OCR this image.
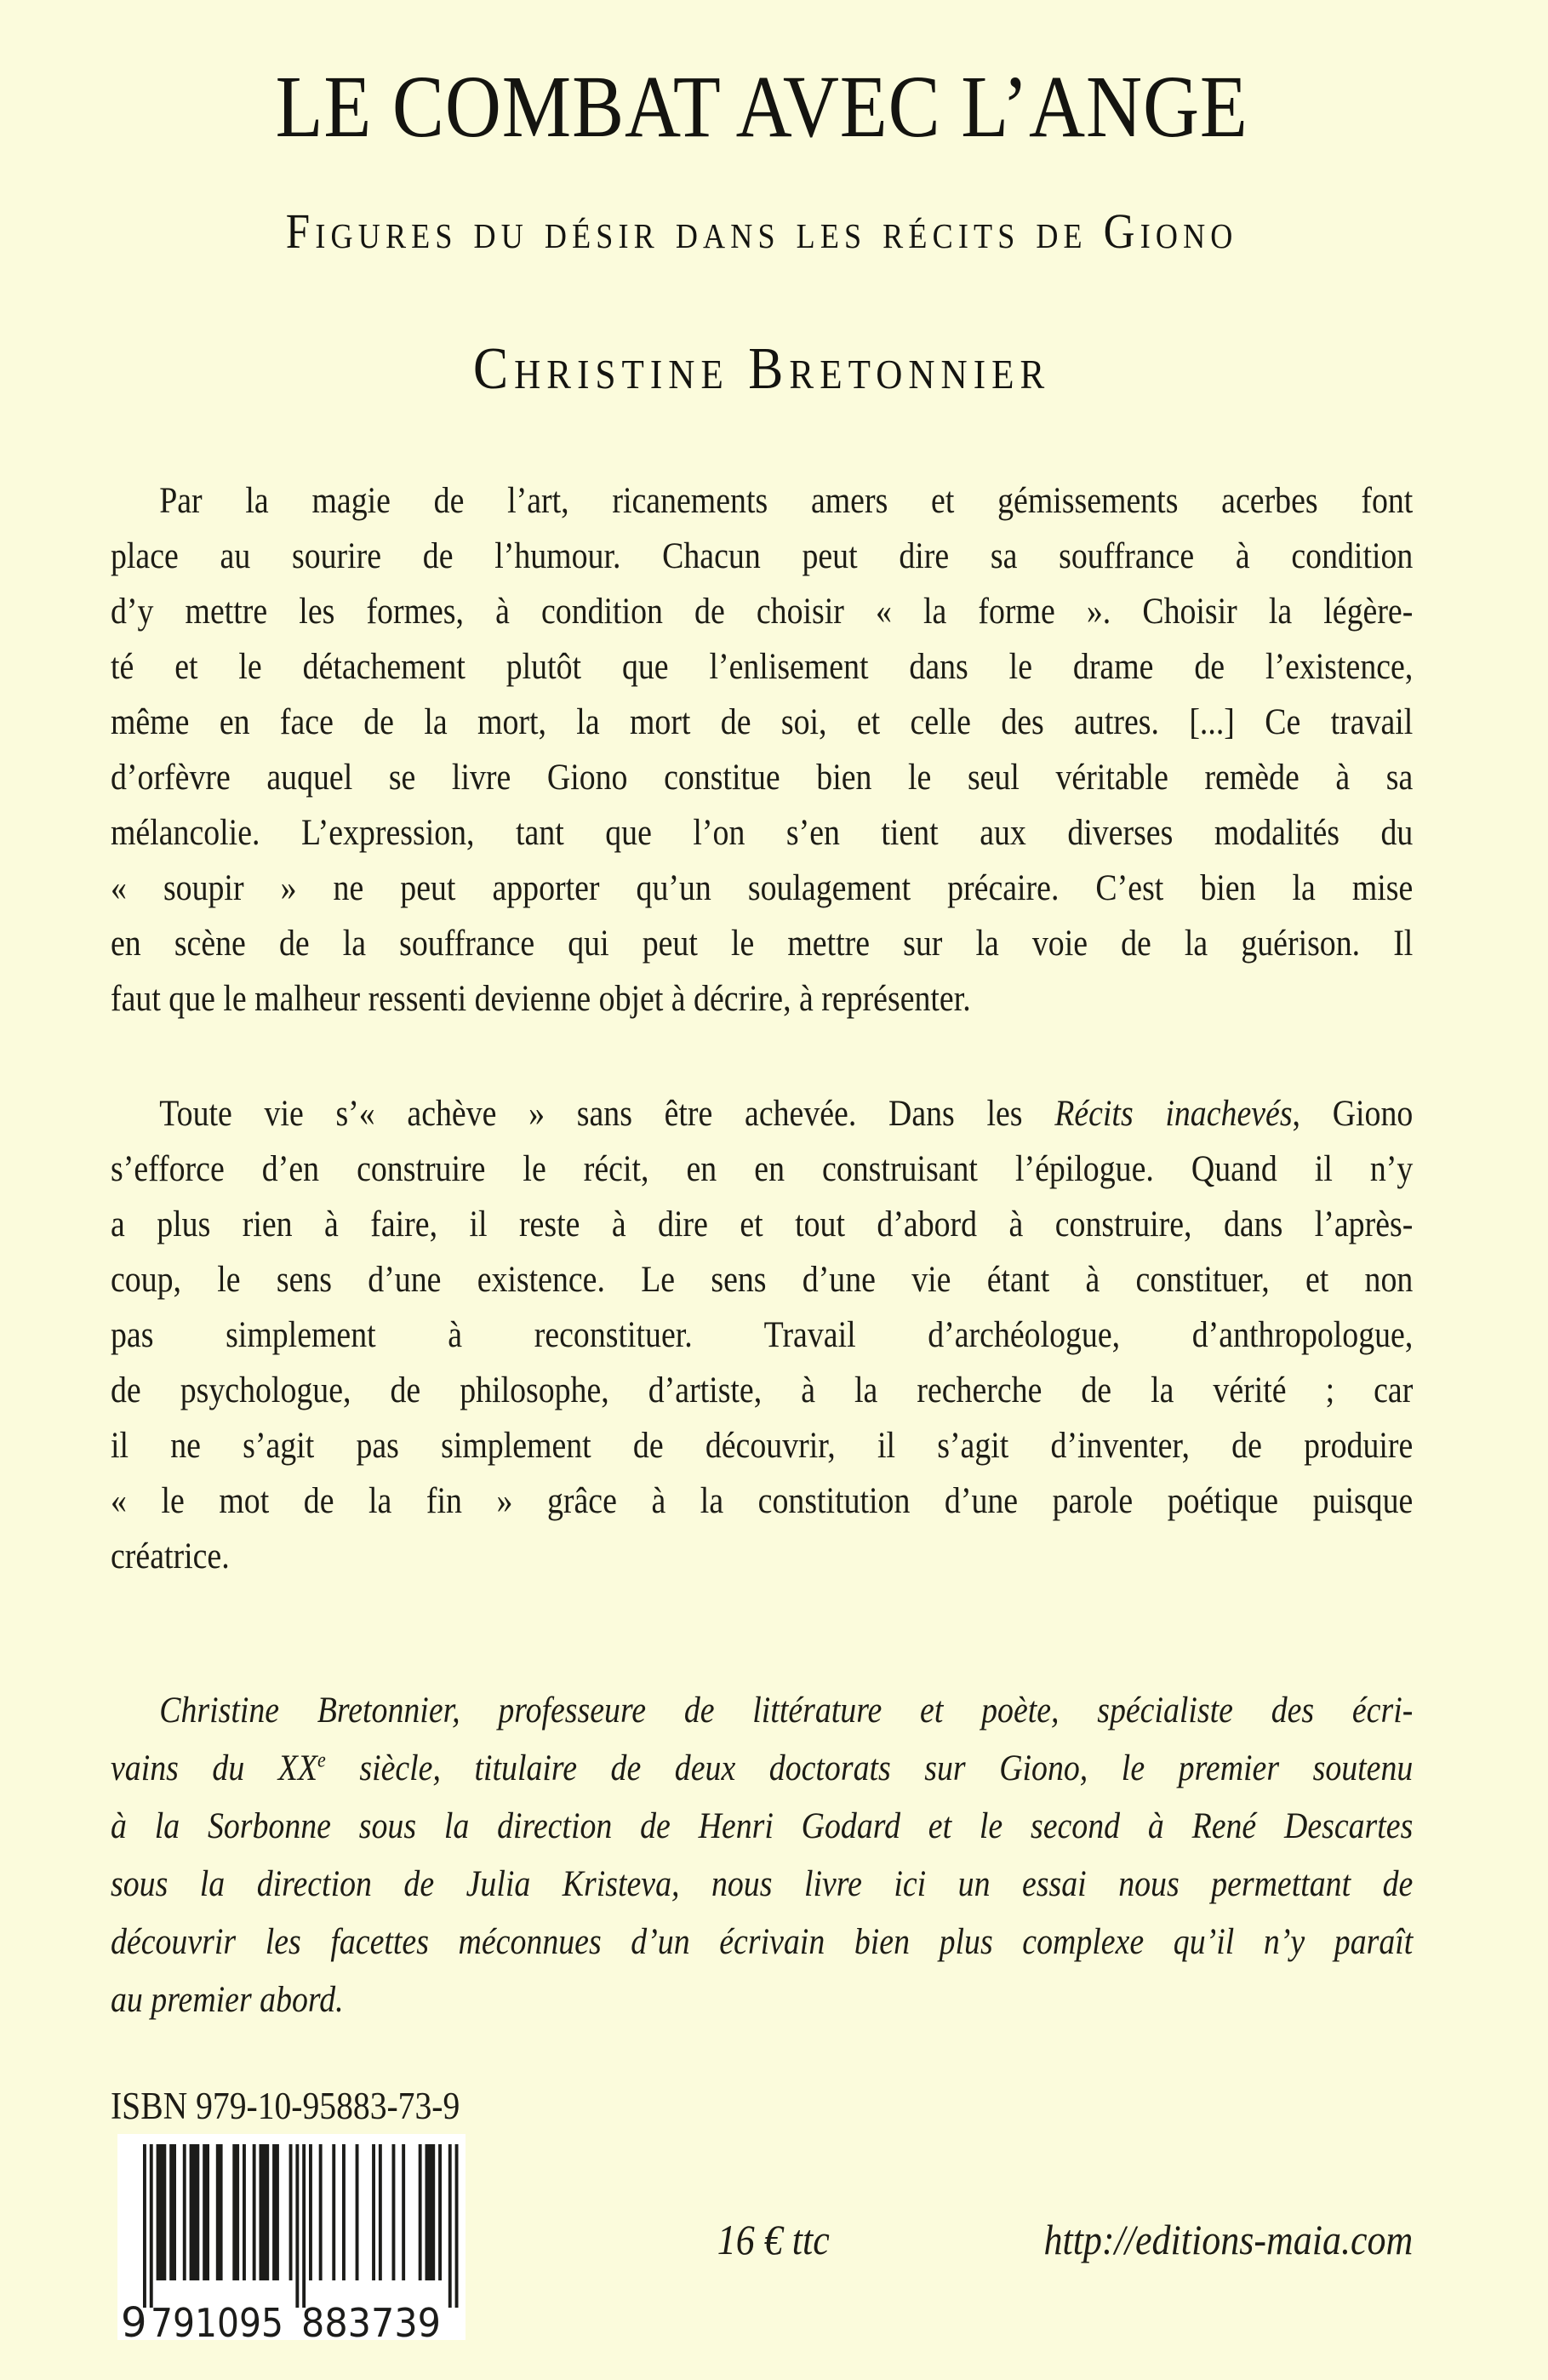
LE COMBAT AVEC L’ANGE
Figures du désir dans les récits de Giono
Christine Bretonnier
Par la magie de l’art, ricanements amers et gémissements acerbes font
place au sourire de l’humour. Chacun peut dire sa souffrance à condition
d’y mettre les formes, à condition de choisir « la forme ». Choisir la légère-
té et le détachement plutôt que l’enlisement dans le drame de l’existence,
même en face de la mort, la mort de soi, et celle des autres. [...] Ce travail
d’orfèvre auquel se livre Giono constitue bien le seul véritable remède à sa
mélancolie. L’expression, tant que l’on s’en tient aux diverses modalités du
« soupir » ne peut apporter qu’un soulagement précaire. C’est bien la mise
en scène de la souffrance qui peut le mettre sur la voie de la guérison. Il
faut que le malheur ressenti devienne objet à décrire, à représenter.
Toute vie s’« achève » sans être achevée. Dans les Récits inachevés, Giono
s’efforce d’en construire le récit, en en construisant l’épilogue. Quand il n’y
a plus rien à faire, il reste à dire et tout d’abord à construire, dans l’après-
coup, le sens d’une existence. Le sens d’une vie étant à constituer, et non
pas simplement à reconstituer. Travail d’archéologue, d’anthropologue,
de psychologue, de philosophe, d’artiste, à la recherche de la vérité ; car
il ne s’agit pas simplement de découvrir, il s’agit d’inventer, de produire
« le mot de la fin » grâce à la constitution d’une parole poétique puisque
créatrice.
Christine Bretonnier, professeure de littérature et poète, spécialiste des écri-
vains du XXe siècle, titulaire de deux doctorats sur Giono, le premier soutenu
à la Sorbonne sous la direction de Henri Godard et le second à René Descartes
sous la direction de Julia Kristeva, nous livre ici un essai nous permettant de
découvrir les facettes méconnues d’un écrivain bien plus complexe qu’il n’y paraît
au premier abord.
ISBN 979-10-95883-73-9
16 € ttc	http://editions-maia.com
9 791095 883739
